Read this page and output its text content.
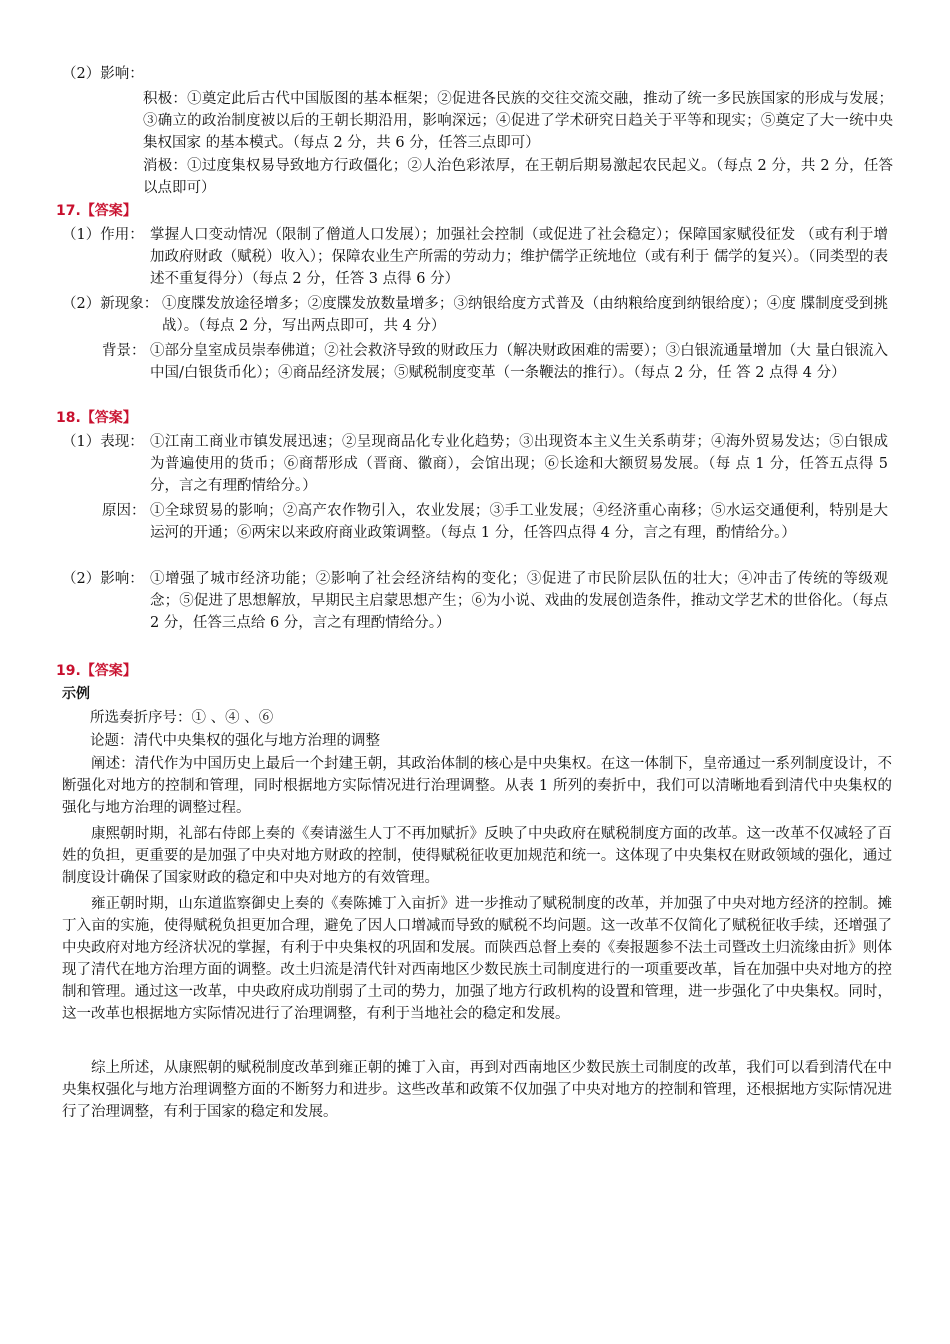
（2）影响：

积极：①奠定此后古代中国版图的基本框架；②促进各民族的交往交流交融，推动了统一多民族国家的形成与发展；③确立的政治制度被以后的王朝长期沿用，影响深远；④促进了学术研究日趋关于平等和现实；⑤奠定了大一统中央集权国家 的基本模式。（每点 2 分，共 6 分，任答三点即可）

消极：①过度集权易导致地方行政僵化；②人治色彩浓厚，在王朝后期易激起农民起义。（每点 2 分，共 2 分，任答以点即可）

17.【答案】

（1）作用： 掌握人口变动情况（限制了僧道人口发展）；加强社会控制（或促进了社会稳定）；保障国家赋役征发 （或有利于增加政府财政（赋税）收入）；保障农业生产所需的劳动力；维护儒学正统地位（或有利于 儒学的复兴）。（同类型的表述不重复得分）（每点 2 分，任答 3 点得 6 分）

（2）新现象： ①度牒发放途径增多；②度牒发放数量增多；③纳银给度方式普及（由纳粮给度到纳银给度）；④度 牒制度受到挑战）。（每点 2 分，写出两点即可，共 4 分）

背景： ①部分皇室成员崇奉佛道；②社会救济导致的财政压力（解决财政困难的需要）；③白银流通量增加（大 量白银流入中国/白银货币化）；④商品经济发展；⑤赋税制度变革（一条鞭法的推行）。（每点 2 分，任 答 2 点得 4 分）

18.【答案】

（1）表现： ①江南工商业市镇发展迅速；②呈现商品化专业化趋势；③出现资本主义生关系萌芽；④海外贸易发达；⑤白银成为普遍使用的货币；⑥商帮形成（晋商、徽商），会馆出现；⑥长途和大额贸易发展。（每 点 1 分，任答五点得 5 分，言之有理酌情给分。）

原因： ①全球贸易的影响；②高产农作物引入，农业发展；③手工业发展；④经济重心南移；⑤水运交通便利，特别是大运河的开通；⑥两宋以来政府商业政策调整。（每点 1 分，任答四点得 4 分，言之有理，酌情给分。）

（2）影响： ①增强了城市经济功能；②影响了社会经济结构的变化；③促进了市民阶层队伍的壮大；④冲击了传统的等级观念；⑤促进了思想解放，早期民主启蒙思想产生；⑥为小说、戏曲的发展创造条件，推动文学艺术的世俗化。（每点 2 分，任答三点给 6 分，言之有理酌情给分。）

19.【答案】

示例

所选奏折序号：① 、④ 、⑥

论题：清代中央集权的强化与地方治理的调整

阐述：清代作为中国历史上最后一个封建王朝，其政治体制的核心是中央集权。在这一体制下，皇帝通过一系列制度设计，不断强化对地方的控制和管理，同时根据地方实际情况进行治理调整。从表 1 所列的奏折中，我们可以清晰地看到清代中央集权的强化与地方治理的调整过程。

康熙朝时期，礼部右侍郎上奏的《奏请滋生人丁不再加赋折》反映了中央政府在赋税制度方面的改革。这一改革不仅减轻了百姓的负担，更重要的是加强了中央对地方财政的控制，使得赋税征收更加规范和统一。这体现了中央集权在财政领域的强化，通过制度设计确保了国家财政的稳定和中央对地方的有效管理。

雍正朝时期，山东道监察御史上奏的《奏陈摊丁入亩折》进一步推动了赋税制度的改革，并加强了中央对地方经济的控制。摊丁入亩的实施，使得赋税负担更加合理，避免了因人口增减而导致的赋税不均问题。这一改革不仅简化了赋税征收手续，还增强了中央政府对地方经济状况的掌握，有利于中央集权的巩固和发展。而陕西总督上奏的《奏报题参不法土司暨改土归流缘由折》则体现了清代在地方治理方面的调整。改土归流是清代针对西南地区少数民族土司制度进行的一项重要改革，旨在加强中央对地方的控制和管理。通过这一改革，中央政府成功削弱了土司的势力，加强了地方行政机构的设置和管理，进一步强化了中央集权。同时，这一改革也根据地方实际情况进行了治理调整，有利于当地社会的稳定和发展。

综上所述，从康熙朝的赋税制度改革到雍正朝的摊丁入亩，再到对西南地区少数民族土司制度的改革，我们可以看到清代在中央集权强化与地方治理调整方面的不断努力和进步。这些改革和政策不仅加强了中央对地方的控制和管理，还根据地方实际情况进行了治理调整，有利于国家的稳定和发展。
